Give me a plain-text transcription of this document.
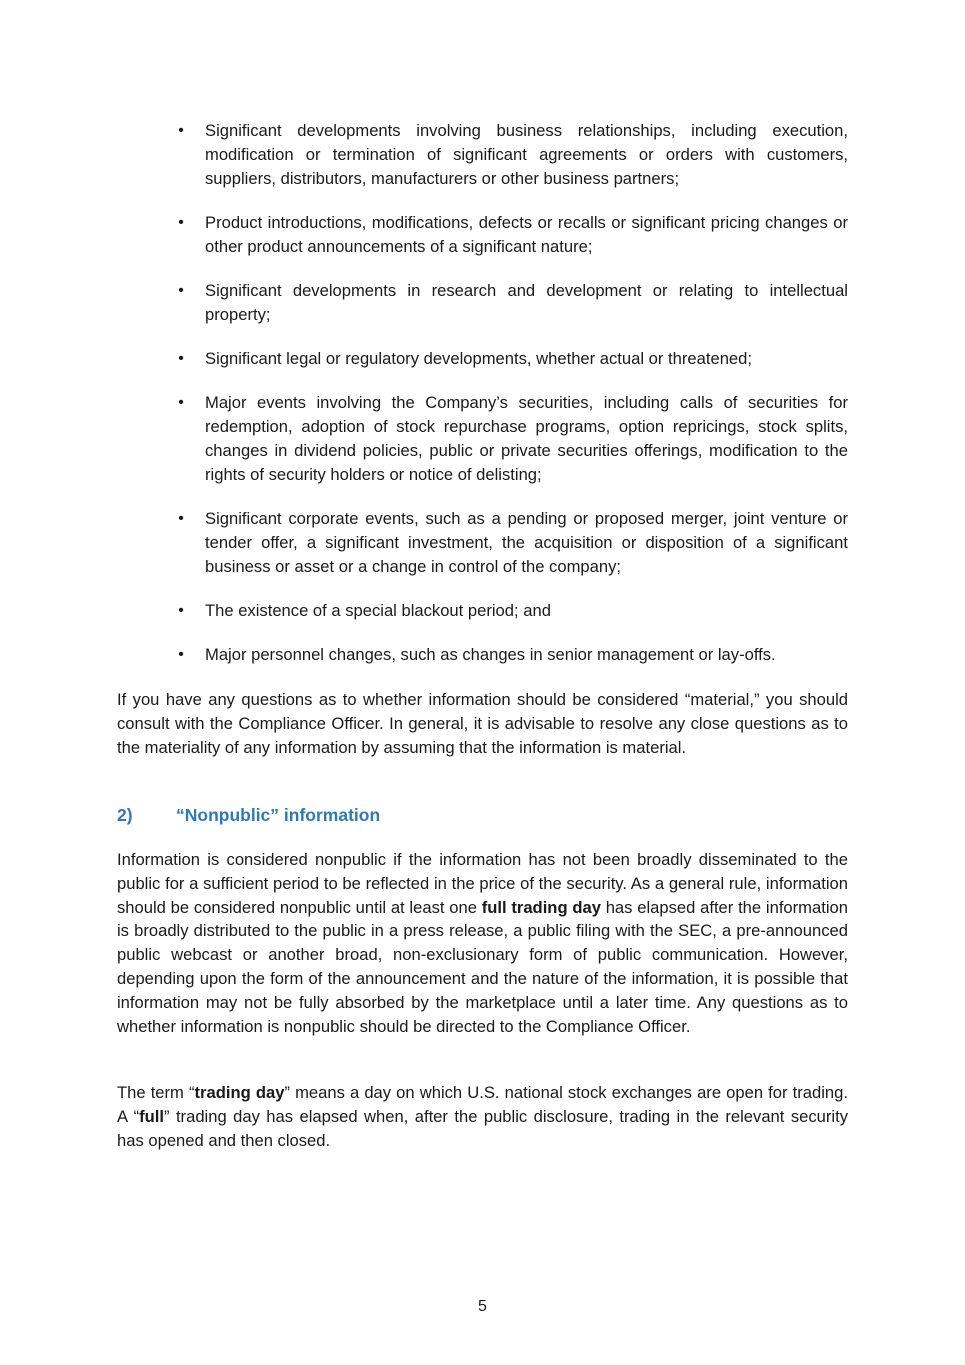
• Significant developments involving business relationships, including execution, modification or termination of significant agreements or orders with customers, suppliers, distributors, manufacturers or other business partners;
• Product introductions, modifications, defects or recalls or significant pricing changes or other product announcements of a significant nature;
• Significant developments in research and development or relating to intellectual property;
• Significant legal or regulatory developments, whether actual or threatened;
• Major events involving the Company’s securities, including calls of securities for redemption, adoption of stock repurchase programs, option repricings, stock splits, changes in dividend policies, public or private securities offerings, modification to the rights of security holders or notice of delisting;
• Significant corporate events, such as a pending or proposed merger, joint venture or tender offer, a significant investment, the acquisition or disposition of a significant business or asset or a change in control of the company;
• The existence of a special blackout period; and
• Major personnel changes, such as changes in senior management or lay-offs.

If you have any questions as to whether information should be considered “material,” you should consult with the Compliance Officer. In general, it is advisable to resolve any close questions as to the materiality of any information by assuming that the information is material.

2) “Nonpublic” information

Information is considered nonpublic if the information has not been broadly disseminated to the public for a sufficient period to be reflected in the price of the security. As a general rule, information should be considered nonpublic until at least one full trading day has elapsed after the information is broadly distributed to the public in a press release, a public filing with the SEC, a pre-announced public webcast or another broad, non-exclusionary form of public communication. However, depending upon the form of the announcement and the nature of the information, it is possible that information may not be fully absorbed by the marketplace until a later time. Any questions as to whether information is nonpublic should be directed to the Compliance Officer.

The term “trading day” means a day on which U.S. national stock exchanges are open for trading. A “full” trading day has elapsed when, after the public disclosure, trading in the relevant security has opened and then closed.

5
